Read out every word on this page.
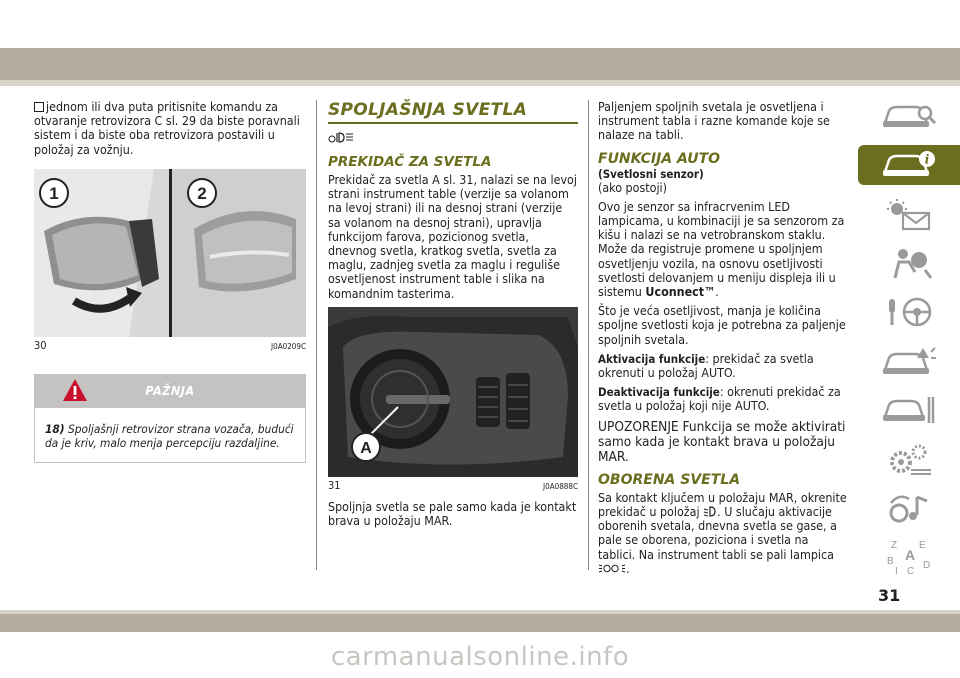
jednom ili dva puta pritisnite komandu za otvaranje retrovizora C sl. 29 da biste poravnali sistem i da biste oba retrovizora postavili u položaj za vožnju.

1	2
30	J0A0209C
PAŽNJA
18) Spoljašnji retrovizor strana vozača, budući da je kriv, malo menja percepciju razdaljine.
SPOLJAŠNJA SVETLA
PREKIDAČ ZA SVETLA

Prekidač za svetla A sl. 31, nalazi se na levoj strani instrument table (verzije sa volanom na levoj strani) ili na desnoj strani (verzije sa volanom na desnoj strani), upravlja funkcijom farova, pozicionog svetla, dnevnog svetla, kratkog svetla, svetla za maglu, zadnjeg svetla za maglu i reguliše osvetljenost instrument table i slika na komandnim tasterima.

A
31	J0A0888C

Spoljnja svetla se pale samo kada je kontakt brava u položaju MAR.

Paljenjem spoljnih svetala je osvetljena i instrument tabla i razne komande koje se nalaze na tabli.

FUNKCIJA AUTO
(Svetlosni senzor)

(ako postoji)

Ovo je senzor sa infracrvenim LED lampicama, u kombinaciji je sa senzorom za kišu i nalazi se na vetrobranskom staklu. Može da registruje promene u spoljnjem osvetljenju vozila, na osnovu osetljivosti svetlosti delovanjem u meniju displeja ili u sistemu Uconnect™.

Što je veća osetljivost, manja je količina spoljne svetlosti koja je potrebna za paljenje spoljnih svetala.

Aktivacija funkcije: prekidač za svetla okrenuti u položaj AUTO.

Deaktivacija funkcije: okrenuti prekidač za svetla u položaj koji nije AUTO.

UPOZORENJE Funkcija se može aktivirati samo kada je kontakt brava u položaju MAR.

OBORENA SVETLA

Sa kontakt ključem u položaju MAR, okrenite prekidač u položaj . U slučaju aktivacije oborenih svetala, dnevna svetla se gase, a pale se oborena, poziciona i svetla na tablici. Na instrument tabli se pali lampica .

i
Z E
A
B	D
I C
31
carmanualsonline.info
